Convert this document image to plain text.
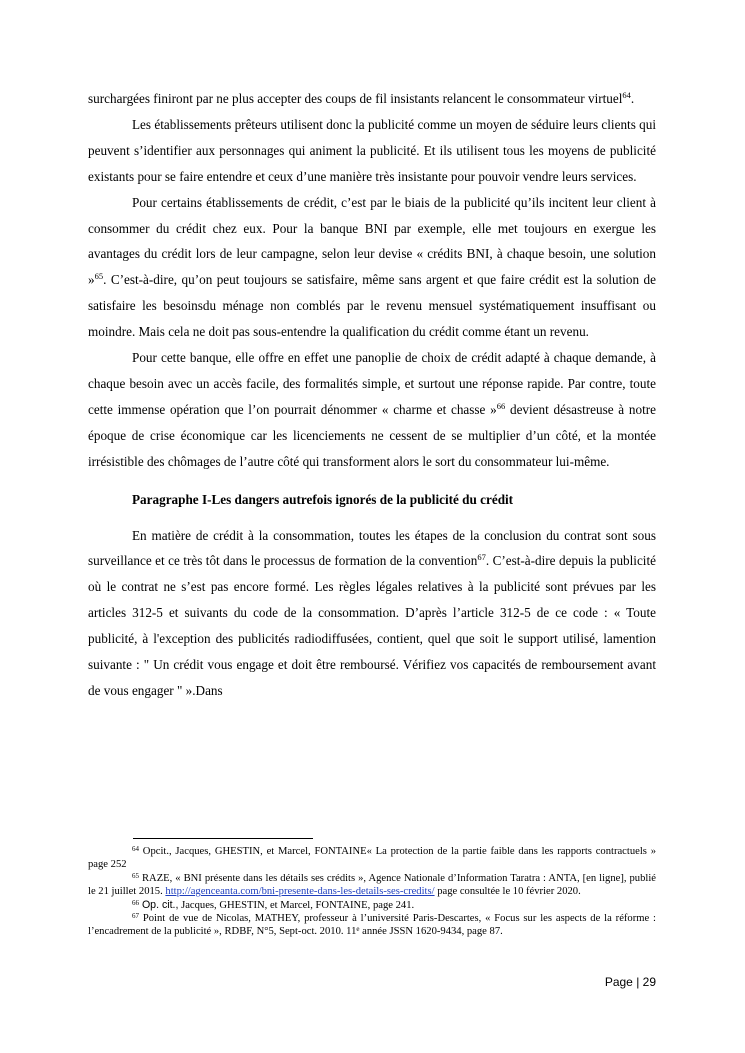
surchargées finiront par ne plus accepter des coups de fil insistants relancent le consommateur virtuel$^{64}$.

Les établissements prêteurs utilisent donc la publicité comme un moyen de séduire leurs clients qui peuvent s’identifier aux personnages qui animent la publicité. Et ils utilisent tous les moyens de publicité existants pour se faire entendre et ceux d’une manière très insistante pour pouvoir vendre leurs services.

Pour certains établissements de crédit, c’est par le biais de la publicité qu’ils incitent leur client à consommer du crédit chez eux. Pour la banque BNI par exemple, elle met toujours en exergue les avantages du crédit lors de leur campagne, selon leur devise « crédits BNI, à chaque besoin, une solution »$^{65}$. C’est-à-dire, qu’on peut toujours se satisfaire, même sans argent et que faire crédit est la solution de satisfaire les besoinsdu ménage non comblés par le revenu mensuel systématiquement insuffisant ou moindre. Mais cela ne doit pas sous-entendre la qualification du crédit comme étant un revenu.

Pour cette banque, elle offre en effet une panoplie de choix de crédit adapté à chaque demande, à chaque besoin avec un accès facile, des formalités simple, et surtout une réponse rapide. Par contre, toute cette immense opération que l’on pourrait dénommer « charme et chasse »$^{66}$ devient désastreuse à notre époque de crise économique car les licenciements ne cessent de se multiplier d’un côté, et la montée irrésistible des chômages de l’autre côté qui transforment alors le sort du consommateur lui-même.

Paragraphe I-Les dangers autrefois ignorés de la publicité du crédit

En matière de crédit à la consommation, toutes les étapes de la conclusion du contrat sont sous surveillance et ce très tôt dans le processus de formation de la convention$^{67}$. C’est-à-dire depuis la publicité où le contrat ne s’est pas encore formé. Les règles légales relatives à la publicité sont prévues par les articles 312-5 et suivants du code de la consommation. D’après l’article 312-5 de ce code : « Toute publicité, à l'exception des publicités radiodiffusées, contient, quel que soit le support utilisé, lamention suivante : " Un crédit vous engage et doit être remboursé. Vérifiez vos capacités de remboursement avant de vous engager " ».Dans

$^{64}$ Opcit., Jacques, GHESTIN, et Marcel, FONTAINE« La protection de la partie faible dans les rapports contractuels » page 252

$^{65}$ RAZE, « BNI présente dans les détails ses crédits », Agence Nationale d’Information Taratra : ANTA, [en ligne], publié le 21 juillet 2015. http://agenceanta.com/bni-presente-dans-les-details-ses-credits/ page consultée le 10 février 2020.

$^{66}$ Op. cit., Jacques, GHESTIN, et Marcel, FONTAINE, page 241.

$^{67}$ Point de vue de Nicolas, MATHEY, professeur à l’université Paris-Descartes, « Focus sur les aspects de la réforme : l’encadrement de la publicité », RDBF, N°5, Sept-oct. 2010. 11e année JSSN 1620-9434, page 87.

Page | 29
